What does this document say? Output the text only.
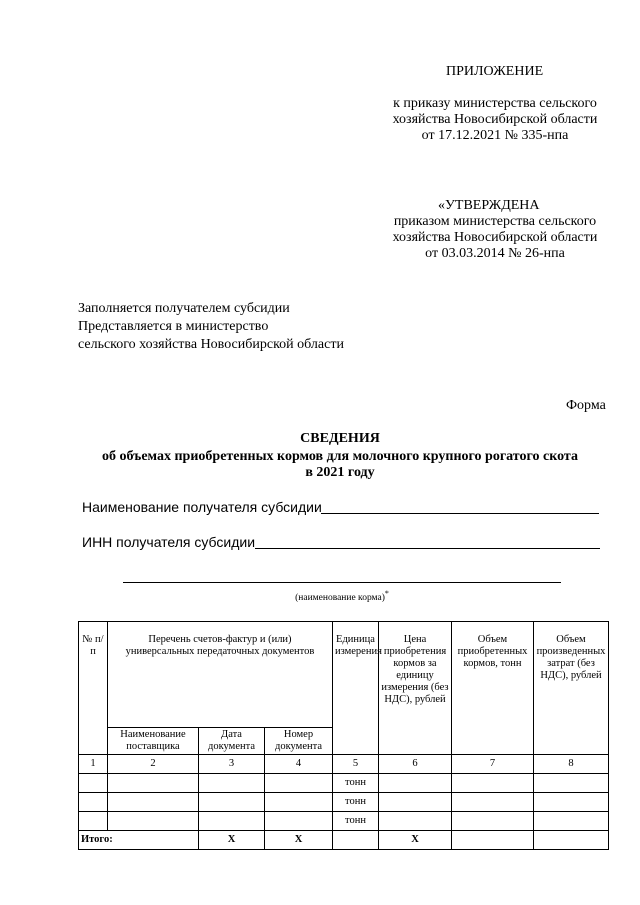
ПРИЛОЖЕНИЕ
к приказу министерства сельского
хозяйства Новосибирской области
от 17.12.2021 № 335-нпа
«УТВЕРЖДЕНА
приказом министерства сельского
хозяйства Новосибирской области
от 03.03.2014 № 26-нпа
Заполняется получателем субсидии
Представляется в министерство
сельского хозяйства Новосибирской области
Форма
СВЕДЕНИЯ
об объемах приобретенных кормов для молочного крупного рогатого скота
в 2021 году
Наименование получателя субсидии
ИНН получателя субсидии
(наименование корма)*
№ п/п	Перечень счетов-фактур и (или) универсальных передаточных документов			Единица измерения	Цена приобретения кормов за единицу измерения (без НДС), рублей	Объем приобретенных кормов, тонн	Объем произведенных затрат (без НДС), рублей
	Наименование поставщика	Дата документа	Номер документа				
1	2	3	4	5	6	7	8
				тонн			
				тонн			
				тонн			
Итого:		X	X		X		
